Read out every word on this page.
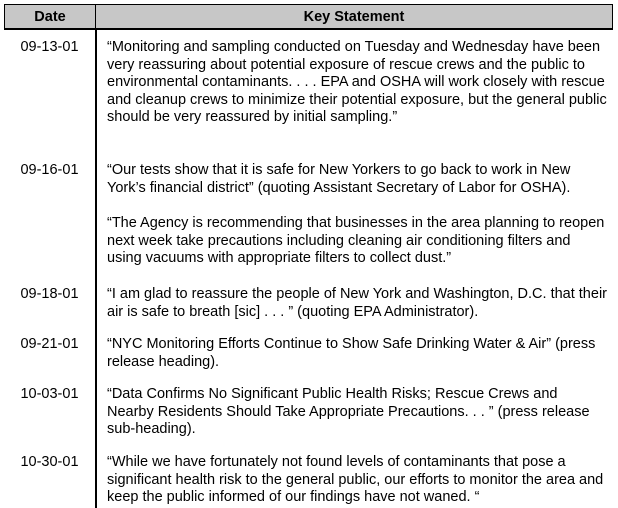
Date	Key Statement
09-13-01	“Monitoring and sampling conducted on Tuesday and Wednesday have been very reassuring about potential exposure of rescue crews and the public to environmental contaminants. . . . EPA and OSHA will work closely with rescue and cleanup crews to minimize their potential exposure, but the general public should be very reassured by initial sampling.”
09-16-01	“Our tests show that it is safe for New Yorkers to go back to work in New York’s financial district” (quoting Assistant Secretary of Labor for OSHA).
“The Agency is recommending that businesses in the area planning to reopen next week take precautions including cleaning air conditioning filters and using vacuums with appropriate filters to collect dust.”
09-18-01	“I am glad to reassure the people of New York and Washington, D.C. that their air is safe to breath [sic] . . . ” (quoting EPA Administrator).
09-21-01	“NYC Monitoring Efforts Continue to Show Safe Drinking Water & Air” (press release heading).
10-03-01	“Data Confirms No Significant Public Health Risks; Rescue Crews and Nearby Residents Should Take Appropriate Precautions. . . ” (press release sub-heading).
10-30-01	“While we have fortunately not found levels of contaminants that pose a significant health risk to the general public, our efforts to monitor the area and keep the public informed of our findings have not waned. “
